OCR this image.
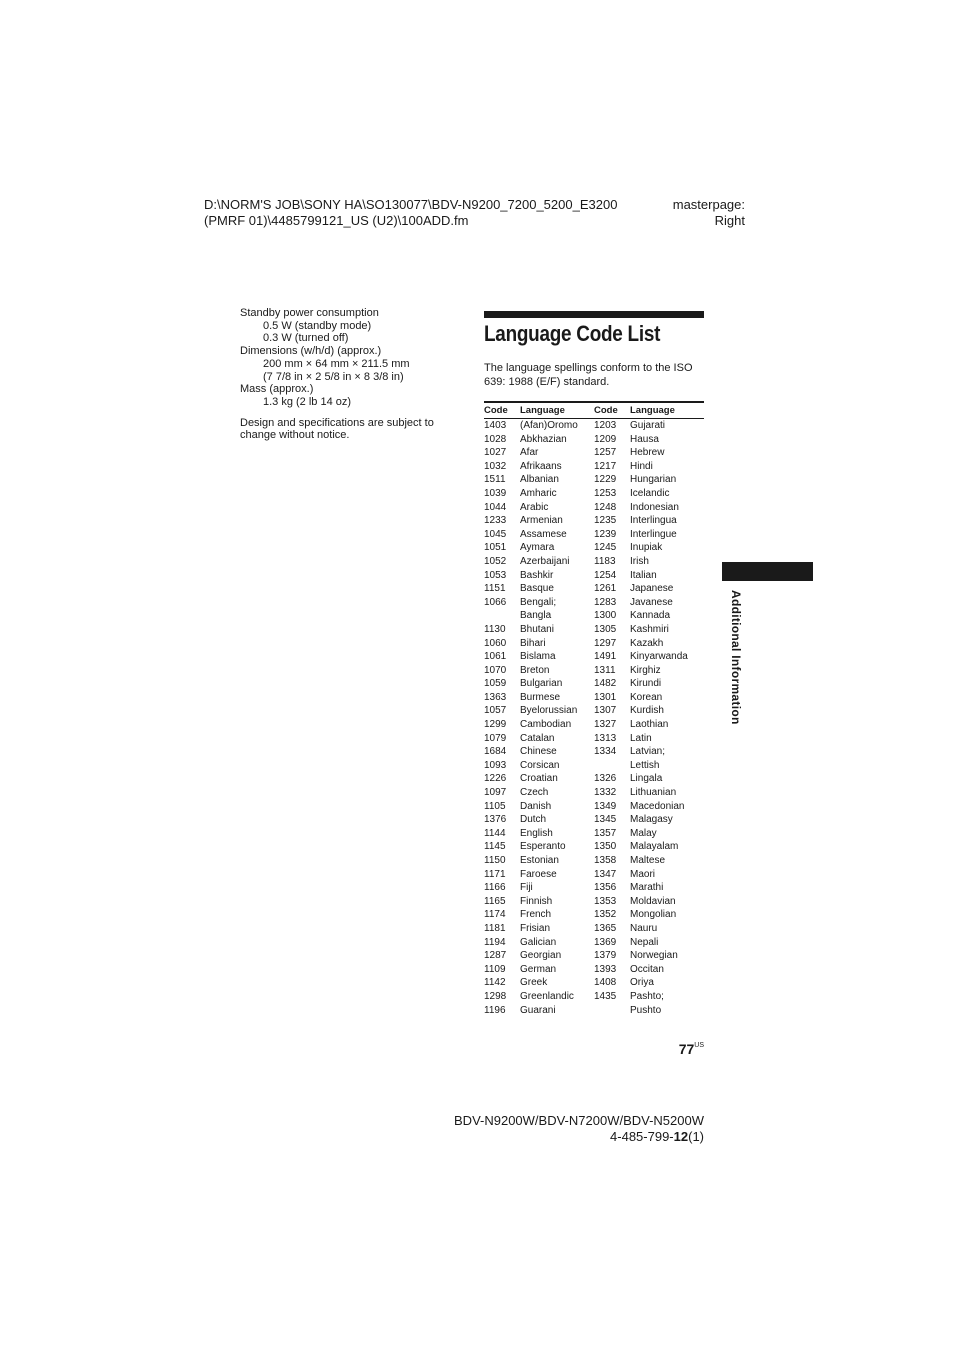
D:\NORM'S JOB\SONY HA\SO130077\BDV-N9200_7200_5200_E3200
(PMRF 01)\4485799121_US (U2)\100ADD.fm
masterpage:
Right
Standby power consumption
0.5 W (standby mode)
0.3 W (turned off)
Dimensions (w/h/d) (approx.)
200 mm × 64 mm × 211.5 mm
(7 7/8 in × 2 5/8 in × 8 3/8 in)
Mass (approx.)
1.3 kg (2 lb 14 oz)
Design and specifications are subject to change without notice.
Language Code List
The language spellings conform to the ISO 639: 1988 (E/F) standard.
Code Language	Code Language
1403 (Afan)Oromo 1203 Gujarati
1028 Abkhazian	1209 Hausa
1027 Afar	1257 Hebrew
1032 Afrikaans	1217 Hindi
1511 Albanian	1229 Hungarian
1039 Amharic	1253 Icelandic
1044 Arabic	1248 Indonesian
1233 Armenian	1235 Interlingua
1045 Assamese	1239 Interlingue
1051 Aymara	1245 Inupiak
1052 Azerbaijani 1183 Irish
1053 Bashkir	1254 Italian
1151 Basque	1261 Japanese
1066 Bengali;	1283 Javanese
Bangla	1300 Kannada
1130 Bhutani	1305 Kashmiri
1060 Bihari	1297 Kazakh
1061 Bislama	1491 Kinyarwanda
1070 Breton	1311 Kirghiz
1059 Bulgarian	1482 Kirundi
1363 Burmese	1301 Korean
1057 Byelorussian 1307 Kurdish
1299 Cambodian 1327 Laothian
1079 Catalan	1313 Latin
1684 Chinese	1334 Latvian;
1093 Corsican	Lettish
1226 Croatian	1326 Lingala
1097 Czech	1332 Lithuanian
1105 Danish	1349 Macedonian
1376 Dutch	1345 Malagasy
1144 English	1357 Malay
1145 Esperanto	1350 Malayalam
1150 Estonian	1358 Maltese
1171 Faroese	1347 Maori
1166 Fiji	1356 Marathi
1165 Finnish	1353 Moldavian
1174 French	1352 Mongolian
1181 Frisian	1365 Nauru
1194 Galician	1369 Nepali
1287 Georgian	1379 Norwegian
1109 German	1393 Occitan
1142 Greek	1408 Oriya
1298 Greenlandic 1435 Pashto;
1196 Guarani	Pushto
Additional Information
$77^{US}$
BDV-N9200W/BDV-N7200W/BDV-N5200W
4-485-799-12(1)
